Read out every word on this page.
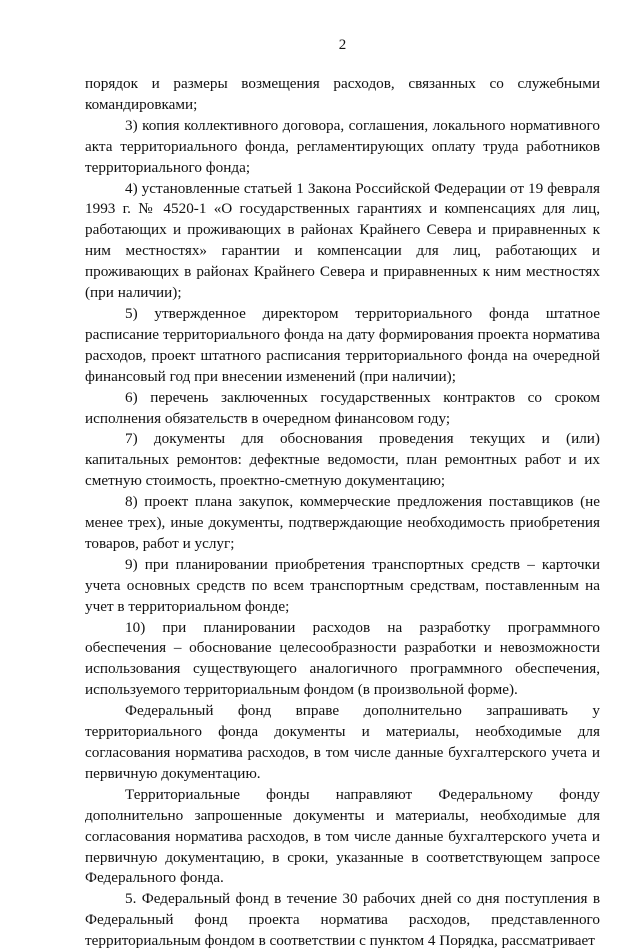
2

порядок и размеры возмещения расходов, связанных со служебными командировками;

3) копия коллективного договора, соглашения, локального нормативного акта территориального фонда, регламентирующих оплату труда работников территориального фонда;

4) установленные статьей 1 Закона Российской Федерации от 19 февраля 1993 г. № 4520-1 «О государственных гарантиях и компенсациях для лиц, работающих и проживающих в районах Крайнего Севера и приравненных к ним местностях» гарантии и компенсации для лиц, работающих и проживающих в районах Крайнего Севера и приравненных к ним местностях (при наличии);

5) утвержденное директором территориального фонда штатное расписание территориального фонда на дату формирования проекта норматива расходов, проект штатного расписания территориального фонда на очередной финансовый год при внесении изменений (при наличии);

6) перечень заключенных государственных контрактов со сроком исполнения обязательств в очередном финансовом году;

7) документы для обоснования проведения текущих и (или) капитальных ремонтов: дефектные ведомости, план ремонтных работ и их сметную стоимость, проектно-сметную документацию;

8) проект плана закупок, коммерческие предложения поставщиков (не менее трех), иные документы, подтверждающие необходимость приобретения товаров, работ и услуг;

9) при планировании приобретения транспортных средств – карточки учета основных средств по всем транспортным средствам, поставленным на учет в территориальном фонде;

10) при планировании расходов на разработку программного обеспечения – обоснование целесообразности разработки и невозможности использования существующего аналогичного программного обеспечения, используемого территориальным фондом (в произвольной форме).

Федеральный фонд вправе дополнительно запрашивать у территориального фонда документы и материалы, необходимые для согласования норматива расходов, в том числе данные бухгалтерского учета и первичную документацию.

Территориальные фонды направляют Федеральному фонду дополнительно запрошенные документы и материалы, необходимые для согласования норматива расходов, в том числе данные бухгалтерского учета и первичную документацию, в сроки, указанные в соответствующем запросе Федерального фонда.

5. Федеральный фонд в течение 30 рабочих дней со дня поступления в Федеральный фонд проекта норматива расходов, представленного территориальным фондом в соответствии с пунктом 4 Порядка, рассматривает
